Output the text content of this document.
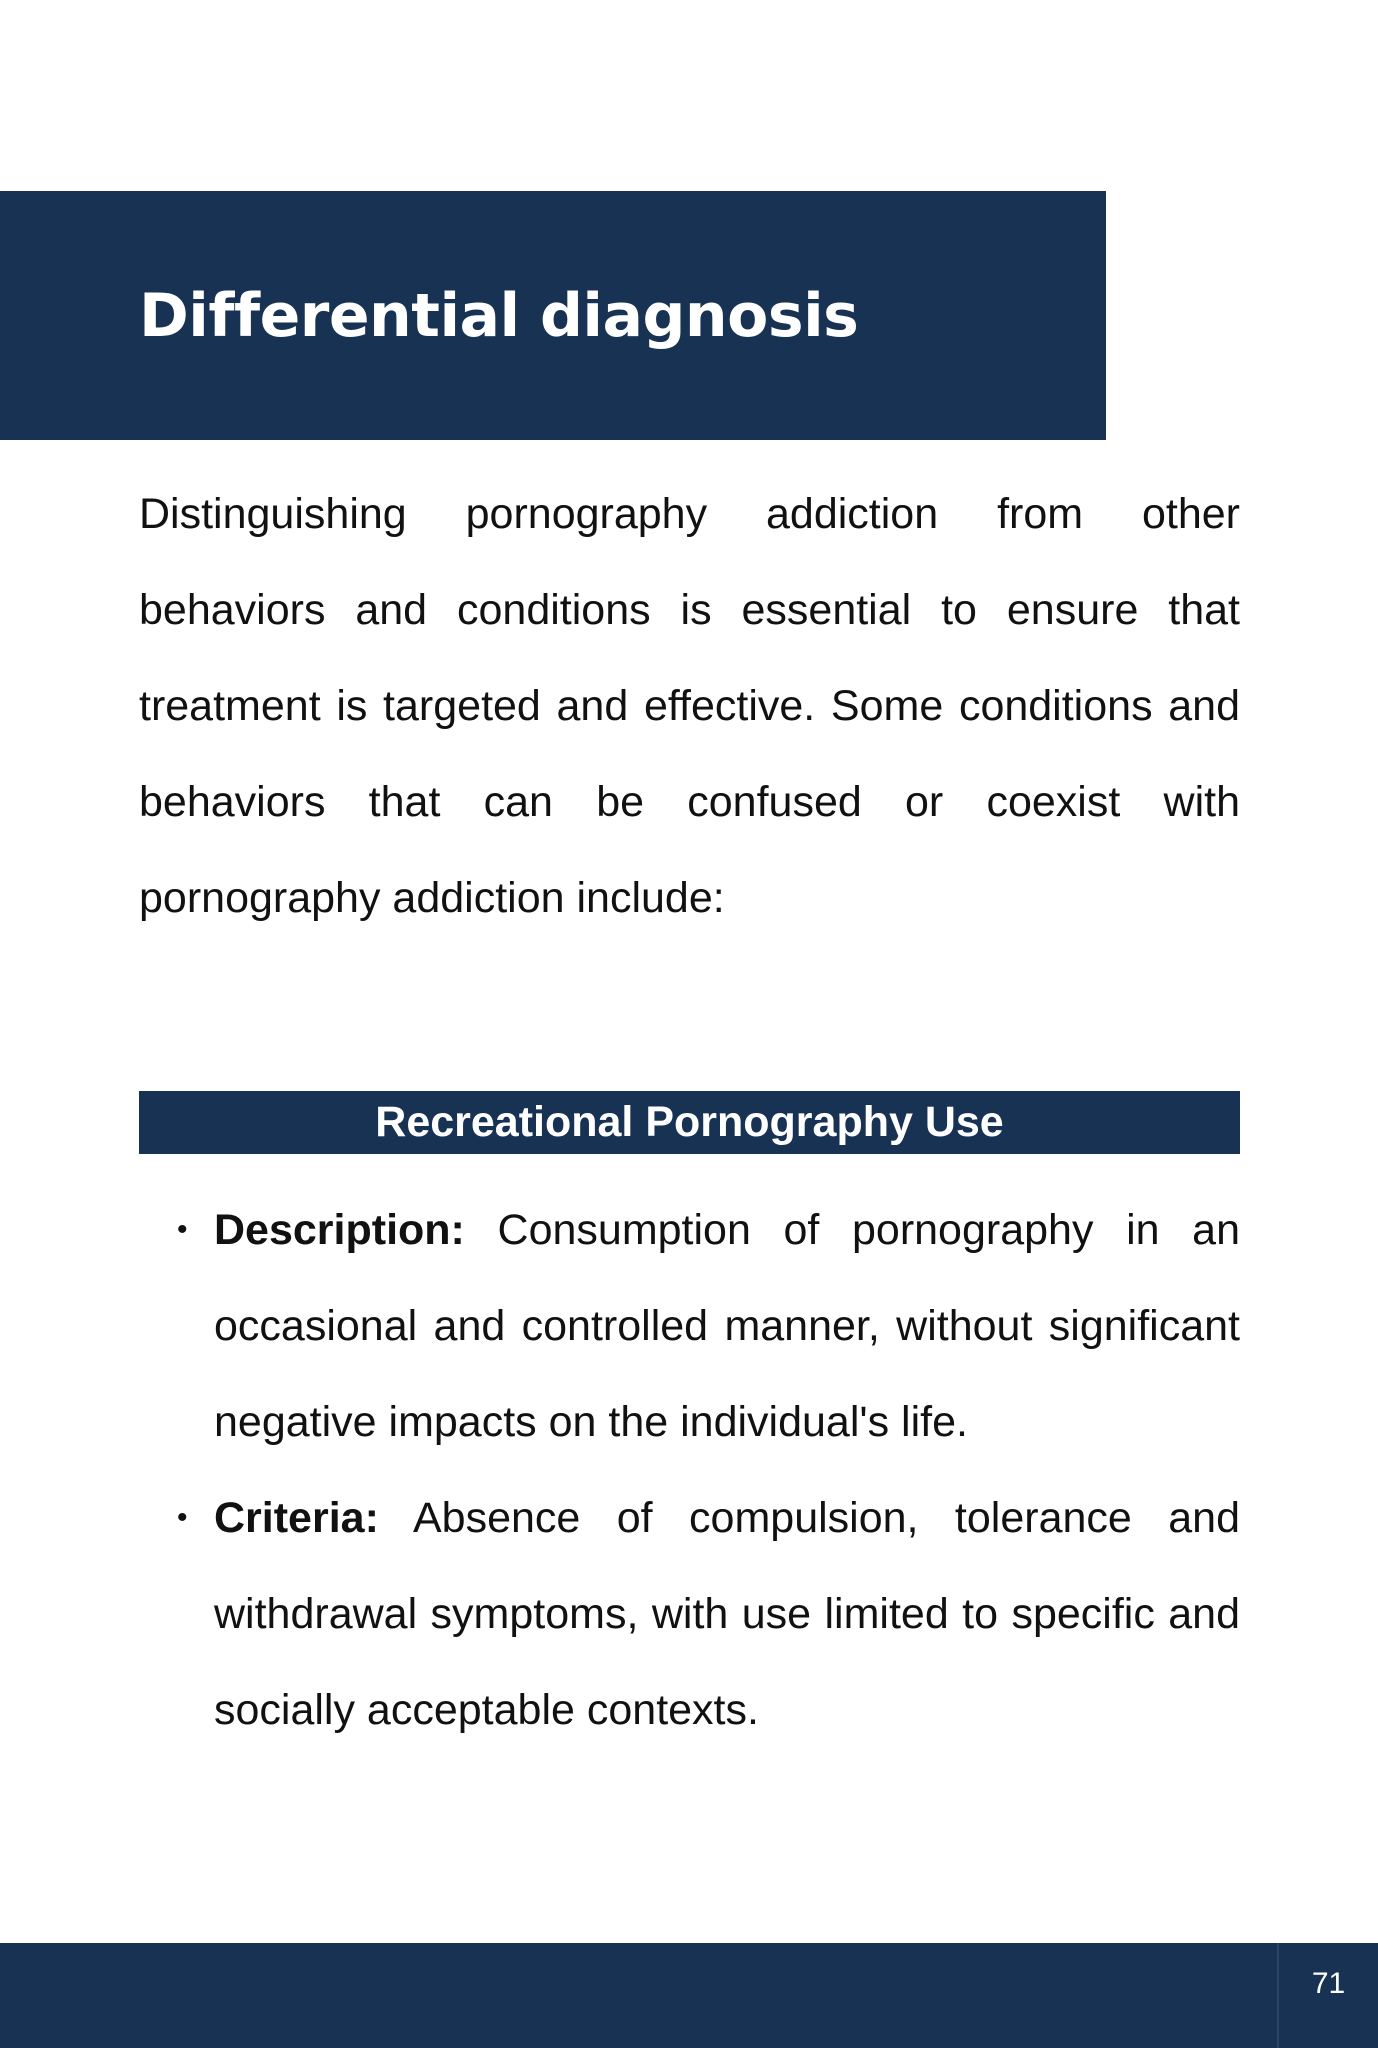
Differential diagnosis

Distinguishing pornography addiction from other behaviors and conditions is essential to ensure that treatment is targeted and effective. Some conditions and behaviors that can be confused or coexist with pornography addiction include:

Recreational Pornography Use
• Description: Consumption of pornography in an occasional and controlled manner, without significant negative impacts on the individual's life.
• Criteria: Absence of compulsion, tolerance and withdrawal symptoms, with use limited to specific and socially acceptable contexts.
71
